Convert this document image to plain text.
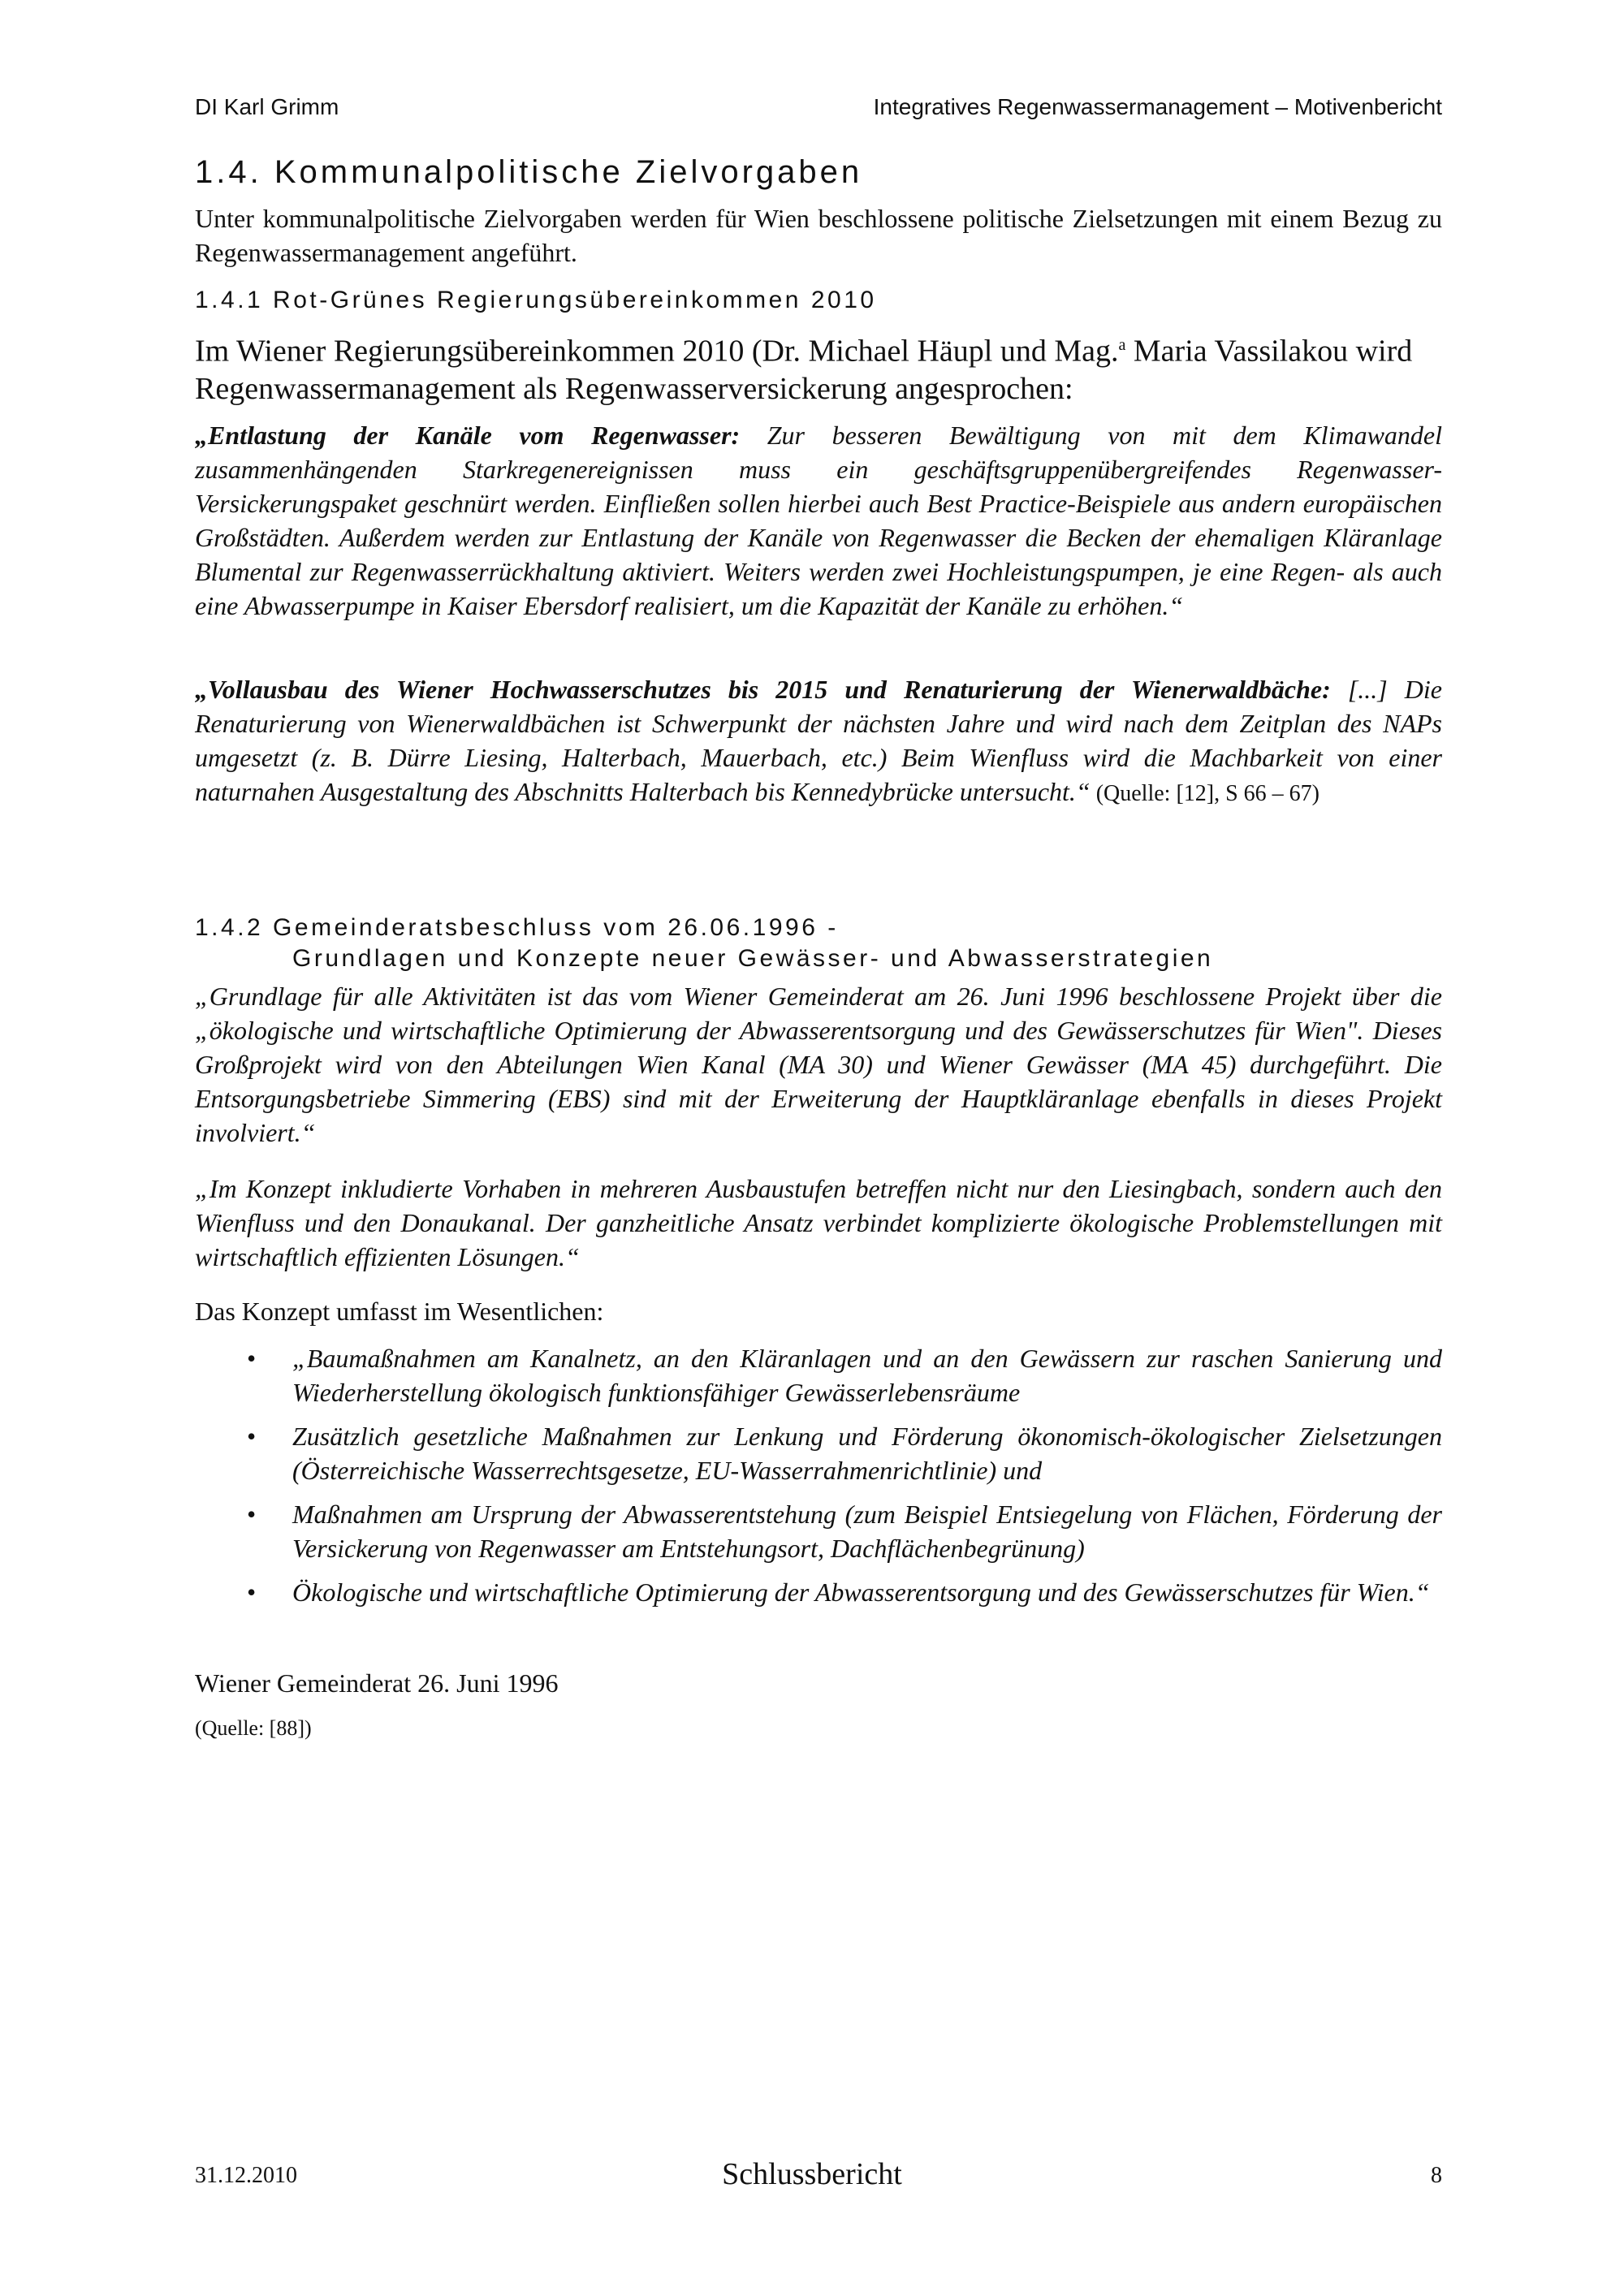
DI Karl Grimm	Integratives Regenwassermanagement – Motivenbericht
1.4. Kommunalpolitische Zielvorgaben

Unter kommunalpolitische Zielvorgaben werden für Wien beschlossene politische Zielsetzungen mit einem Bezug zu Regenwassermanagement angeführt.

1.4.1 Rot-Grünes Regierungsübereinkommen 2010

Im Wiener Regierungsübereinkommen 2010 (Dr. Michael Häupl und Mag.$^a$ Maria Vassilakou wird Regenwassermanagement als Regenwasserversickerung angesprochen:

„Entlastung der Kanäle vom Regenwasser: Zur besseren Bewältigung von mit dem Klimawandel zusammenhängenden Starkregenereignissen muss ein geschäftsgruppenübergreifendes Regenwasser-Versickerungspaket geschnürt werden. Einfließen sollen hierbei auch Best Practice-Beispiele aus andern europäischen Großstädten. Außerdem werden zur Entlastung der Kanäle von Regenwasser die Becken der ehemaligen Kläranlage Blumental zur Regenwasserrückhaltung aktiviert. Weiters werden zwei Hochleistungspumpen, je eine Regen- als auch eine Abwasserpumpe in Kaiser Ebersdorf realisiert, um die Kapazität der Kanäle zu erhöhen.“

„Vollausbau des Wiener Hochwasserschutzes bis 2015 und Renaturierung der Wienerwaldbäche: [...] Die Renaturierung von Wienerwaldbächen ist Schwerpunkt der nächsten Jahre und wird nach dem Zeitplan des NAPs umgesetzt (z. B. Dürre Liesing, Halterbach, Mauerbach, etc.) Beim Wienfluss wird die Machbarkeit von einer naturnahen Ausgestaltung des Abschnitts Halterbach bis Kennedybrücke untersucht.“ (Quelle: [12], S 66 – 67)

1.4.2 Gemeinderatsbeschluss vom 26.06.1996 -
Grundlagen und Konzepte neuer Gewässer- und Abwasserstrategien

„Grundlage für alle Aktivitäten ist das vom Wiener Gemeinderat am 26. Juni 1996 beschlossene Projekt über die „ökologische und wirtschaftliche Optimierung der Abwasserentsorgung und des Gewässerschutzes für Wien". Dieses Großprojekt wird von den Abteilungen Wien Kanal (MA 30) und Wiener Gewässer (MA 45) durchgeführt. Die Entsorgungsbetriebe Simmering (EBS) sind mit der Erweiterung der Hauptkläranlage ebenfalls in dieses Projekt involviert.“

„Im Konzept inkludierte Vorhaben in mehreren Ausbaustufen betreffen nicht nur den Liesingbach, sondern auch den Wienfluss und den Donaukanal. Der ganzheitliche Ansatz verbindet komplizierte ökologische Problemstellungen mit wirtschaftlich effizienten Lösungen.“

Das Konzept umfasst im Wesentlichen:

• „Baumaßnahmen am Kanalnetz, an den Kläranlagen und an den Gewässern zur raschen Sanierung und Wiederherstellung ökologisch funktionsfähiger Gewässerlebensräume
• Zusätzlich gesetzliche Maßnahmen zur Lenkung und Förderung ökonomisch-ökologischer Zielsetzungen (Österreichische Wasserrechtsgesetze, EU-Wasserrahmenrichtlinie) und
• Maßnahmen am Ursprung der Abwasserentstehung (zum Beispiel Entsiegelung von Flächen, Förderung der Versickerung von Regenwasser am Entstehungsort, Dachflächenbegrünung)
• Ökologische und wirtschaftliche Optimierung der Abwasserentsorgung und des Gewässerschutzes für Wien.“

Wiener Gemeinderat 26. Juni 1996

(Quelle: [88])
31.12.2010	Schlussbericht	8
